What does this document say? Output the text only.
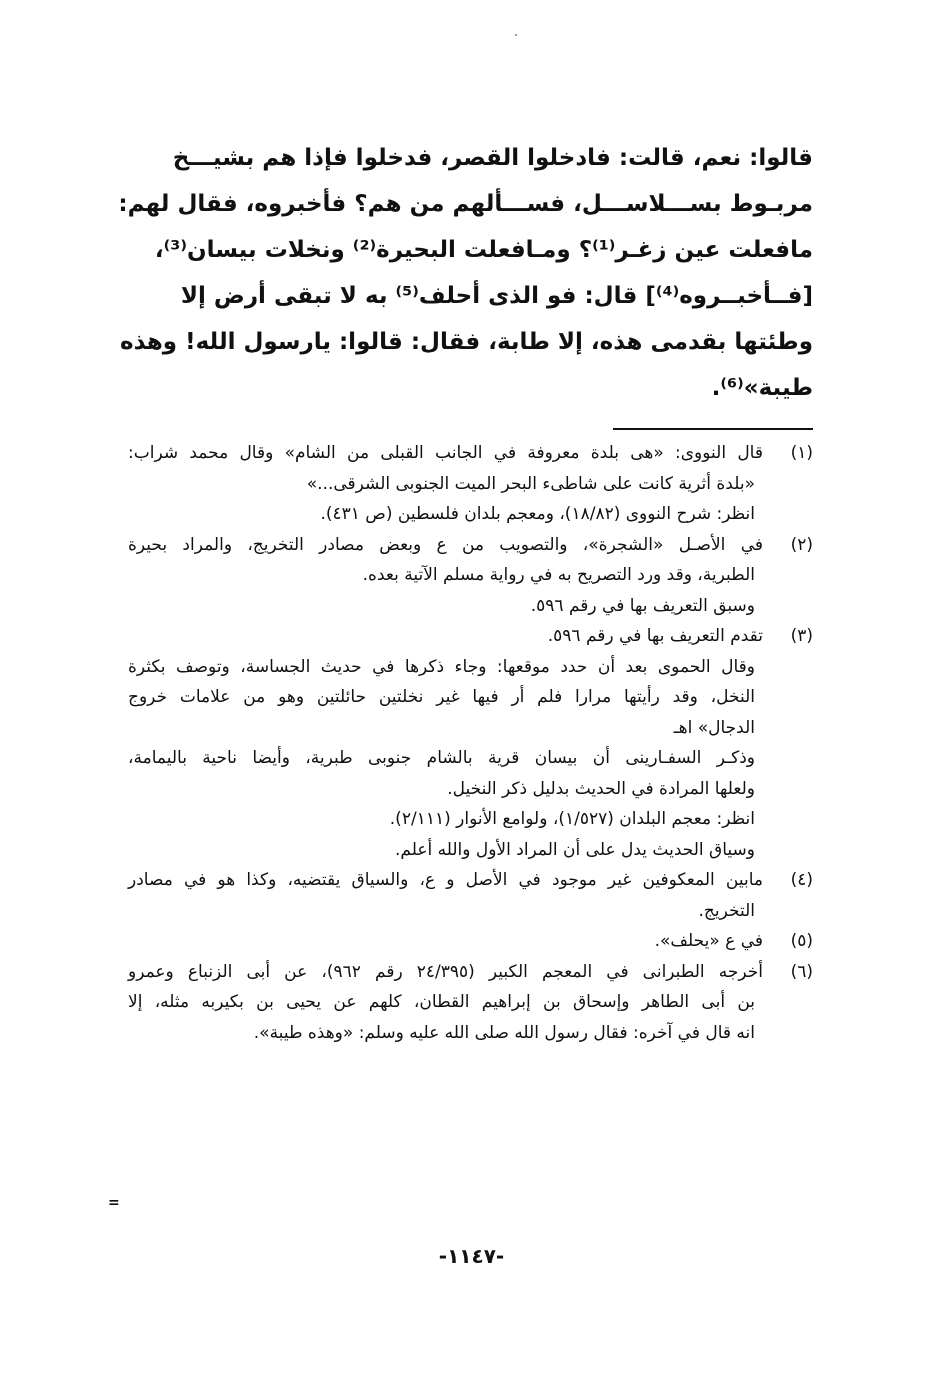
قالوا: نعم، قالت: فادخلوا القصر، فدخلوا فإذا هم بشيـــخ
مربـوط بســـلاســـل، فســـألهم من هم؟ فأخبروه، فقال لهم:
مافعلت عين زغـر⁽¹⁾؟ ومـافعلت البحيرة⁽²⁾ ونخلات بيسان⁽³⁾،
[فــأخبــروه⁽⁴⁾] قال: فو الذى أحلف⁽⁵⁾ به لا تبقى أرض إلا
وطئتها بقدمى هذه، إلا طابة، فقال: قالوا: يارسول الله! وهذه
طيبة»⁽⁶⁾.
(١)قال النووى: «هى بلدة معروفة في الجانب القبلى من الشام» وقال محمد شراب:
«بلدة أثرية كانت على شاطىء البحر الميت الجنوبى الشرقى...»
انظر: شرح النووى (١٨/٨٢)، ومعجم بلدان فلسطين (ص ٤٣١).
(٢)في الأصـل «الشجرة»، والتصويب من ع وبعض مصادر التخريج، والمراد بحيرة
الطبرية، وقد ورد التصريح به في رواية مسلم الآتية بعده.
وسبق التعريف بها في رقم ٥٩٦.
(٣)تقدم التعريف بها في رقم ٥٩٦.
وقال الحموى بعد أن حدد موقعها: وجاء ذكرها في حديث الجساسة، وتوصف بكثرة
النخل، وقد رأيتها مرارا فلم أر فيها غير نخلتين حائلتين وهو من علامات خروج
الدجال» اهـ
وذكـر السفـارينى أن بيسان قرية بالشام جنوبى طبرية، وأيضا ناحية باليمامة،
ولعلها المرادة في الحديث بدليل ذكر النخيل.
انظر: معجم البلدان (١/٥٢٧)، ولوامع الأنوار (٢/١١١).
وسياق الحديث يدل على أن المراد الأول والله أعلم.
(٤)مابين المعكوفين غير موجود في الأصل و ع، والسياق يقتضيه، وكذا هو في مصادر
التخريج.
(٥)في ع «يحلف».
(٦)أخرجه الطبرانى في المعجم الكبير (٢٤/٣٩٥ رقم ٩٦٢)، عن أبى الزنباع وعمرو
بن أبى الطاهر وإسحاق بن إبراهيم القطان، كلهم عن يحيى بن بكيربه مثله، إلا
انه قال في آخره: فقال رسول الله صلى الله عليه وسلم: «وهذه طيبة».
=
-١١٤٧-
